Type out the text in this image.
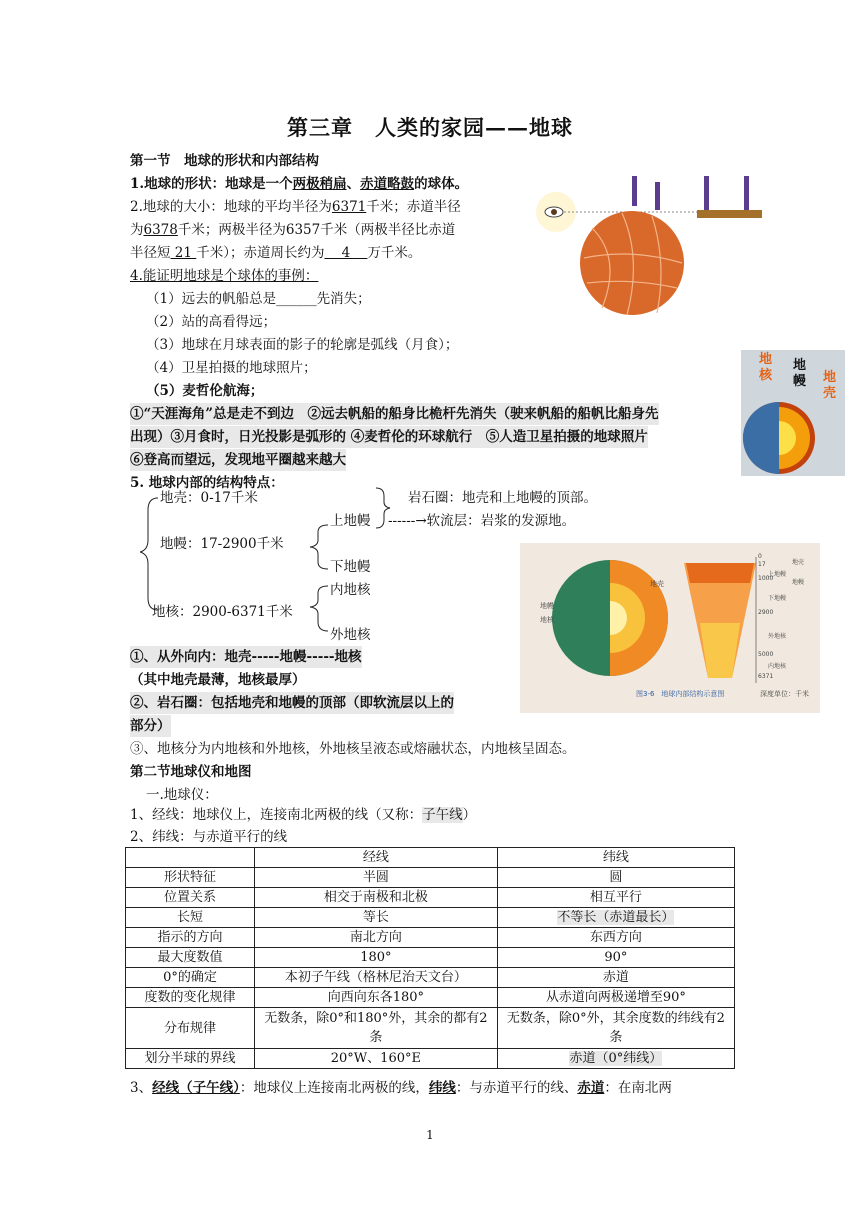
第三章　人类的家园——地球
第一节　地球的形状和内部结构
1.地球的形状：地球是一个两极稍扁、赤道略鼓的球体。
2.地球的大小：地球的平均半径为6371千米；赤道半径
为6378千米；两极半径为6357千米（两极半径比赤道
半径短 21 千米）；赤道周长约为    4    万千米。
4.能证明地球是个球体的事例：
（1）远去的帆船总是______先消失；
（2）站的高看得远；
（3）地球在月球表面的影子的轮廓是弧线（月食）；
（4）卫星拍摄的地球照片；
（5）麦哲伦航海；
①“天涯海角”总是走不到边　②远去帆船的船身比桅杆先消失（驶来帆船的船帆比船身先
出现）③月食时，日光投影是弧形的 ④麦哲伦的环球航行　⑤人造卫星拍摄的地球照片
⑥登高而望远，发现地平圈越来越大
5. 地球内部的结构特点：
地壳：0-17千米
地幔：17-2900千米
地核：2900-6371千米
上地幔
下地幔
内地核
外地核
岩石圈：地壳和上地幔的顶部。
------→软流层：岩浆的发源地。
①、从外向内：地壳-----地幔-----地核
（其中地壳最薄，地核最厚）
②、岩石圈：包括地壳和地幔的顶部（即软流层以上的
部分）
③、地核分为内地核和外地核，外地核呈液态或熔融状态，内地核呈固态。
第二节地球仪和地图
一.地球仪：
1、经线：地球仪上，连接南北两极的线（又称：子午线）
2、纬线：与赤道平行的线
	经线	纬线
形状特征	半圆	圆
位置关系	相交于南极和北极	相互平行
长短	等长	不等长（赤道最长）
指示的方向	南北方向	东西方向
最大度数值	180°	90°
0°的确定	本初子午线（格林尼治天文台）	赤道
度数的变化规律	向西向东各180°	从赤道向两极递增至90°
分布规律	无数条，除0°和180°外，其余的都有2条	无数条，除0°外，其余度数的纬线有2条
划分半球的界线	20°W、160°E	赤道（0°纬线）
3、经线（子午线）：地球仪上连接南北两极的线，纬线：与赤道平行的线、赤道：在南北两
1
地核
地幔 地壳
地幔
地核
地壳
0
17
1000
2900
5000
6371
地壳
地幔
上地幔
下地幔
外地核
内地核
图3-6　地球内部结构示意图	深度单位：千米
